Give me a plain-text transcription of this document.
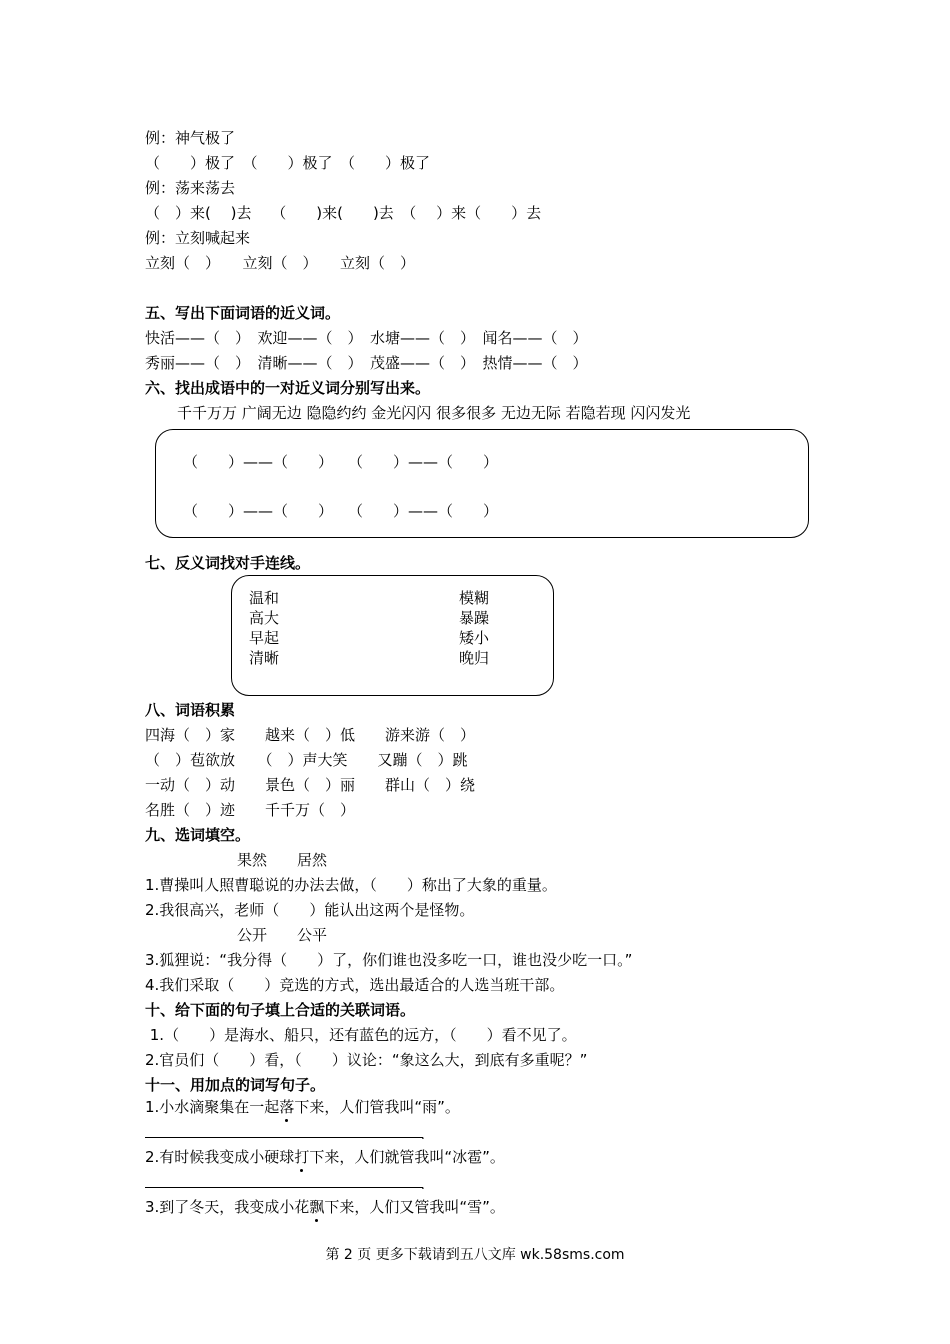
例：神气极了
（　　）极了　（　　）极了　（　　）极了
例：荡来荡去
（　）来(　 )去　 （　　)来(　　)去　（　 ）来（　　）去
例：立刻喊起来
立刻（　）　　立刻（　）　　立刻（　）
五、写出下面词语的近义词。
快活——（　）　欢迎——（　）　水塘——（　）　闻名——（　）
秀丽——（　）　清晰——（　）　茂盛——（　）　热情——（　）
六、找出成语中的一对近义词分别写出来。
千千万万 广阔无边 隐隐约约 金光闪闪 很多很多 无边无际 若隐若现 闪闪发光
（　　）——（　　）　　（　　）——（　　）
（　　）——（　　）　　（　　）——（　　）
七、反义词找对手连线。
温和
高大
早起
清晰
模糊
暴躁
矮小
晚归
八、词语积累
四海（　）家　　越来（　）低　　游来游（　）
（　）苞欲放　　（　）声大笑　　又蹦（　）跳
一动（　）动　　景色（　）丽　　群山（　）绕
名胜（　）迹　　千千万（　）
九、选词填空。
果然　　居然
1.曹操叫人照曹聪说的办法去做，（　　）称出了大象的重量。
2.我很高兴，老师（　　）能认出这两个是怪物。
公开　　公平
3.狐狸说：“我分得（　　）了，你们谁也没多吃一口，谁也没少吃一口。”
4.我们采取（　　）竞选的方式，选出最适合的人选当班干部。
十、给下面的句子填上合适的关联词语。
1.（　　）是海水、船只，还有蓝色的远方，（　　）看不见了。
2.官员们（　　）看，（　　）议论：“象这么大，到底有多重呢？”
十一、用加点的词写句子。
1.小水滴聚集在一起落下来，人们管我叫“雨”。
.
2.有时候我变成小硬球打下来，人们就管我叫“冰雹”。
.
3.到了冬天，我变成小花飘下来，人们又管我叫“雪”。
第 2 页 更多下载请到五八文库 wk.58sms.com
